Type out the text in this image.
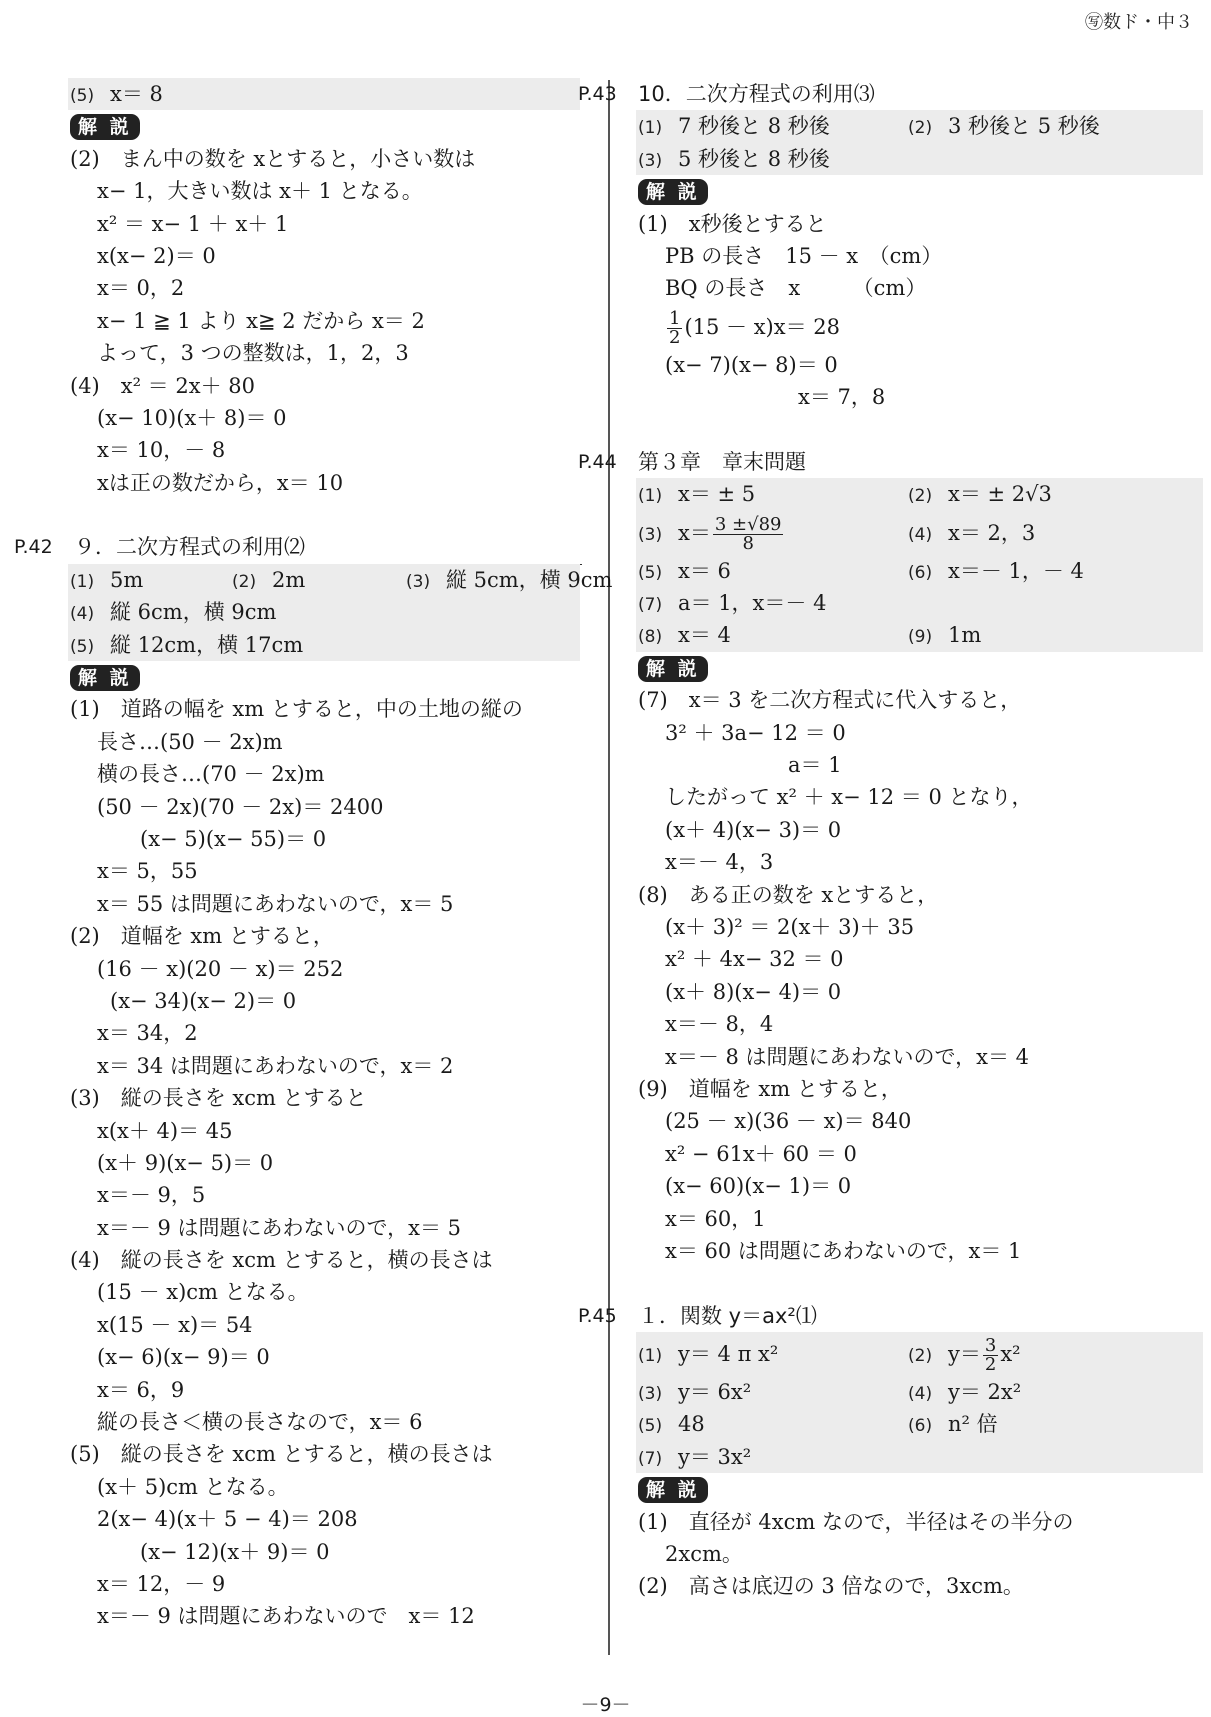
㊢数ド・中３
(5) x＝ 8
解 説
(2)　まん中の数を xとすると，小さい数は
x− 1，大きい数は x＋ 1 となる。
x² ＝ x− 1 ＋ x＋ 1
x(x− 2)＝ 0
x＝ 0，2
x− 1 ≧ 1 より x≧ 2 だから x＝ 2
よって，3 つの整数は，1，2，3
(4)　x² ＝ 2x＋ 80
(x− 10)(x＋ 8)＝ 0
x＝ 10，－ 8
xは正の数だから，x＝ 10
P.42 ９．二次方程式の利用⑵
(1) 5m	(2) 2m	(3) 縦 5cm，横 9cm
(4) 縦 6cm，横 9cm
(5) 縦 12cm，横 17cm
解 説
(1)　道路の幅を xm とすると，中の土地の縦の
長さ…(50 － 2x)m
横の長さ…(70 － 2x)m
(50 － 2x)(70 － 2x)＝ 2400
(x− 5)(x− 55)＝ 0
x＝ 5，55
x＝ 55 は問題にあわないので，x＝ 5
(2)　道幅を xm とすると，
(16 － x)(20 － x)＝ 252
(x− 34)(x− 2)＝ 0
x＝ 34，2
x＝ 34 は問題にあわないので，x＝ 2
(3)　縦の長さを xcm とすると
x(x＋ 4)＝ 45
(x＋ 9)(x− 5)＝ 0
x＝－ 9，5
x＝－ 9 は問題にあわないので，x＝ 5
(4)　縦の長さを xcm とすると，横の長さは
(15 － x)cm となる。
x(15 － x)＝ 54
(x− 6)(x− 9)＝ 0
x＝ 6，9
縦の長さ＜横の長さなので，x＝ 6
(5)　縦の長さを xcm とすると，横の長さは
(x＋ 5)cm となる。
2(x− 4)(x＋ 5 − 4)＝ 208
(x− 12)(x＋ 9)＝ 0
x＝ 12，－ 9
x＝－ 9 は問題にあわないので　x＝ 12
P.43 10．二次方程式の利用⑶
(1) 7 秒後と 8 秒後	(2) 3 秒後と 5 秒後
(3) 5 秒後と 8 秒後
解 説
(1)　x秒後とすると
PB の長さ　15 － x　（cm）
BQ の長さ　x　　　（cm）
$\frac{1}{2} (15 - x)x= 28$
(x− 7)(x− 8)＝ 0
x＝ 7，8
P.44 第３章　章末問題
(1) x＝ ± 5	(2) x＝ ± 2√3
(3) $x= \frac{3 \pm√89}{8}$	(4) x＝ 2，3
(5) x＝ 6	(6) x＝－ 1，－ 4
(7) a＝ 1，x＝－ 4
(8) x＝ 4	(9) 1m
解 説
(7)　x＝ 3 を二次方程式に代入すると，
3² ＋ 3a− 12 ＝ 0
a＝ 1
したがって x² ＋ x− 12 ＝ 0 となり，
(x＋ 4)(x− 3)＝ 0
x＝－ 4，3
(8)　ある正の数を xとすると，
(x＋ 3)² ＝ 2(x＋ 3)＋ 35
x² ＋ 4x− 32 ＝ 0
(x＋ 8)(x− 4)＝ 0
x＝－ 8，4
x＝－ 8 は問題にあわないので，x＝ 4
(9)　道幅を xm とすると，
(25 － x)(36 － x)＝ 840
x² − 61x＋ 60 ＝ 0
(x− 60)(x− 1)＝ 0
x＝ 60，1
x＝ 60 は問題にあわないので，x＝ 1
P.45 １．関数 y＝ax²⑴
(1) y＝ 4 π x²	(2) $y= \frac{3}{2} x^2$
(3) y＝ 6x²	(4) y＝ 2x²
(5) 48	(6) n² 倍
(7) y＝ 3x²
解 説
(1)　直径が 4xcm なので，半径はその半分の
2xcm。
(2)　高さは底辺の 3 倍なので，3xcm。
－9－
